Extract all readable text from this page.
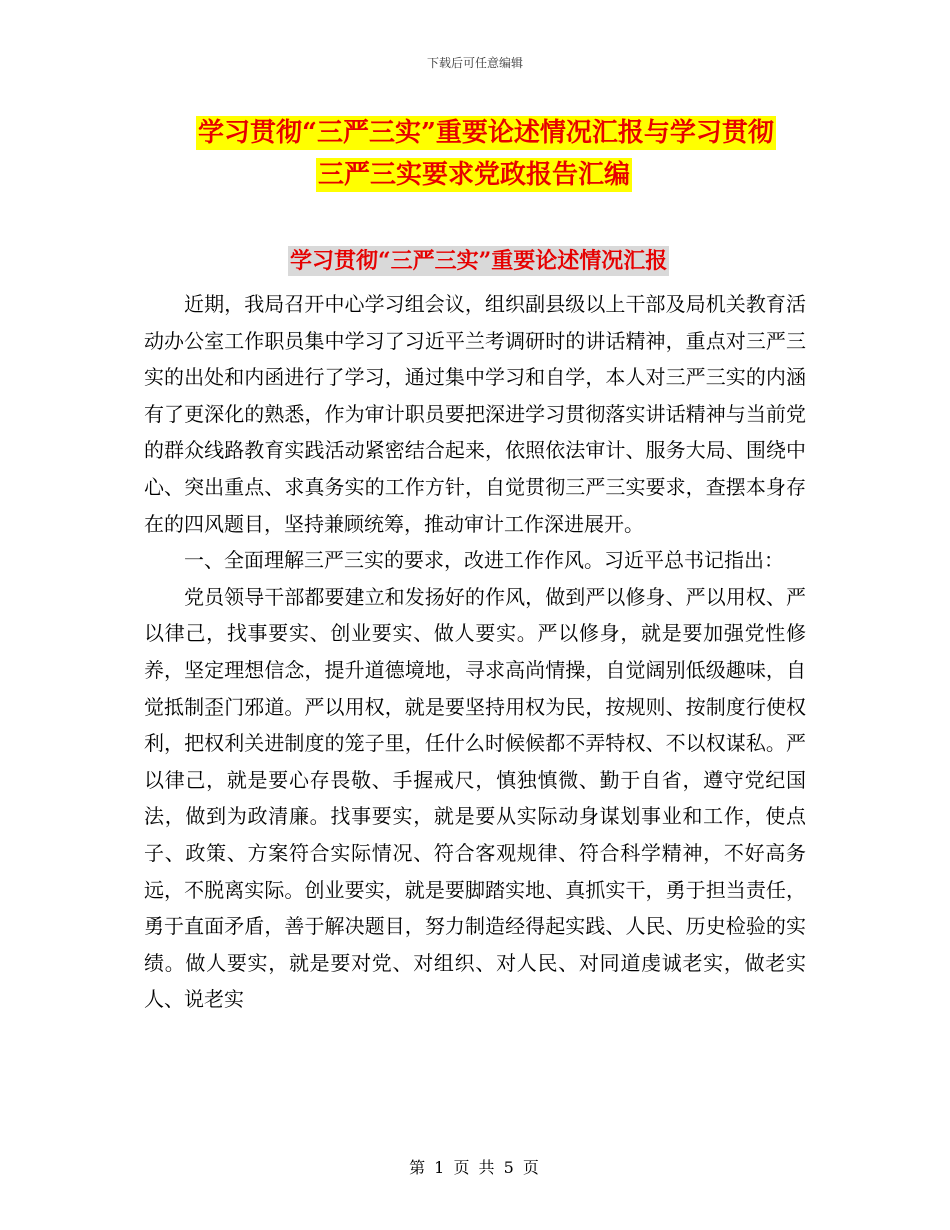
下载后可任意编辑
学习贯彻“三严三实”重要论述情况汇报与学习贯彻
三严三实要求党政报告汇编
学习贯彻“三严三实”重要论述情况汇报

近期，我局召开中心学习组会议，组织副县级以上干部及局机关教育活动办公室工作职员集中学习了习近平兰考调研时的讲话精神，重点对三严三实的出处和内函进行了学习，通过集中学习和自学，本人对三严三实的内涵有了更深化的熟悉，作为审计职员要把深进学习贯彻落实讲话精神与当前党的群众线路教育实践活动紧密结合起来，依照依法审计、服务大局、围绕中心、突出重点、求真务实的工作方针，自觉贯彻三严三实要求，查摆本身存在的四风题目，坚持兼顾统筹，推动审计工作深进展开。

一、全面理解三严三实的要求，改进工作作风。习近平总书记指出：

党员领导干部都要建立和发扬好的作风，做到严以修身、严以用权、严以律己，找事要实、创业要实、做人要实。严以修身，就是要加强党性修养，坚定理想信念，提升道德境地，寻求高尚情操，自觉阔别低级趣味，自觉抵制歪门邪道。严以用权，就是要坚持用权为民，按规则、按制度行使权利，把权利关进制度的笼子里，任什么时候候都不弄特权、不以权谋私。严以律己，就是要心存畏敬、手握戒尺，慎独慎微、勤于自省，遵守党纪国法，做到为政清廉。找事要实，就是要从实际动身谋划事业和工作，使点子、政策、方案符合实际情况、符合客观规律、符合科学精神，不好高务远，不脱离实际。创业要实，就是要脚踏实地、真抓实干，勇于担当责任，勇于直面矛盾，善于解决题目，努力制造经得起实践、人民、历史检验的实绩。做人要实，就是要对党、对组织、对人民、对同道虔诚老实，做老实人、说老实

第 1 页 共 5 页
